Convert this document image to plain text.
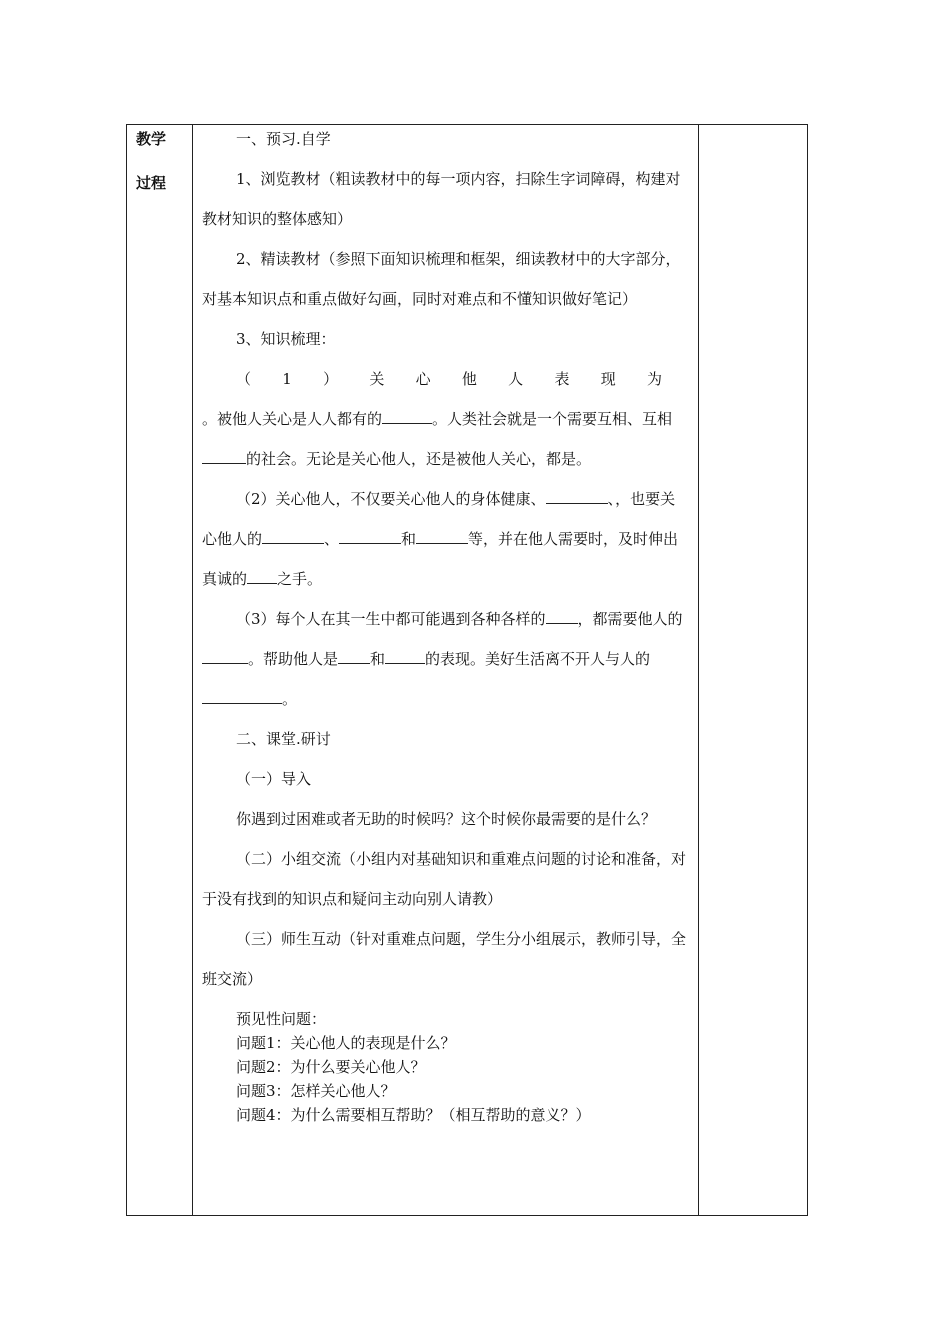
教学
过程

一、预习.自学

1、浏览教材（粗读教材中的每一项内容，扫除生字词障碍，构建对教材知识的整体感知）

2、精读教材（参照下面知识梳理和框架，细读教材中的大字部分，对基本知识点和重点做好勾画，同时对难点和不懂知识做好笔记）

3、知识梳理：

（1）关心他人表现为

。被他人关心是人人都有的	。人类社会就是一个需要互相、互相的社会。无论是关心他人，还是被他人关心，都是。

（2）关心他人，不仅要关心他人的身体健康、	、，也要关心他人的	、	和	等，并在他人需要时，及时伸出真诚的 之手。

（3）每个人在其一生中都可能遇到各种各样的 ，都需要他人的。帮助他人是 和	的表现。美好生活离不开人与人的。

二、课堂.研讨

（一）导入

你遇到过困难或者无助的时候吗？这个时候你最需要的是什么？

（二）小组交流（小组内对基础知识和重难点问题的讨论和准备，对于没有找到的知识点和疑问主动向别人请教）

（三）师生互动（针对重难点问题，学生分小组展示，教师引导，全班交流）

预见性问题：

问题1：关心他人的表现是什么？

问题2：为什么要关心他人？

问题3：怎样关心他人？

问题4：为什么需要相互帮助？（相互帮助的意义？）
